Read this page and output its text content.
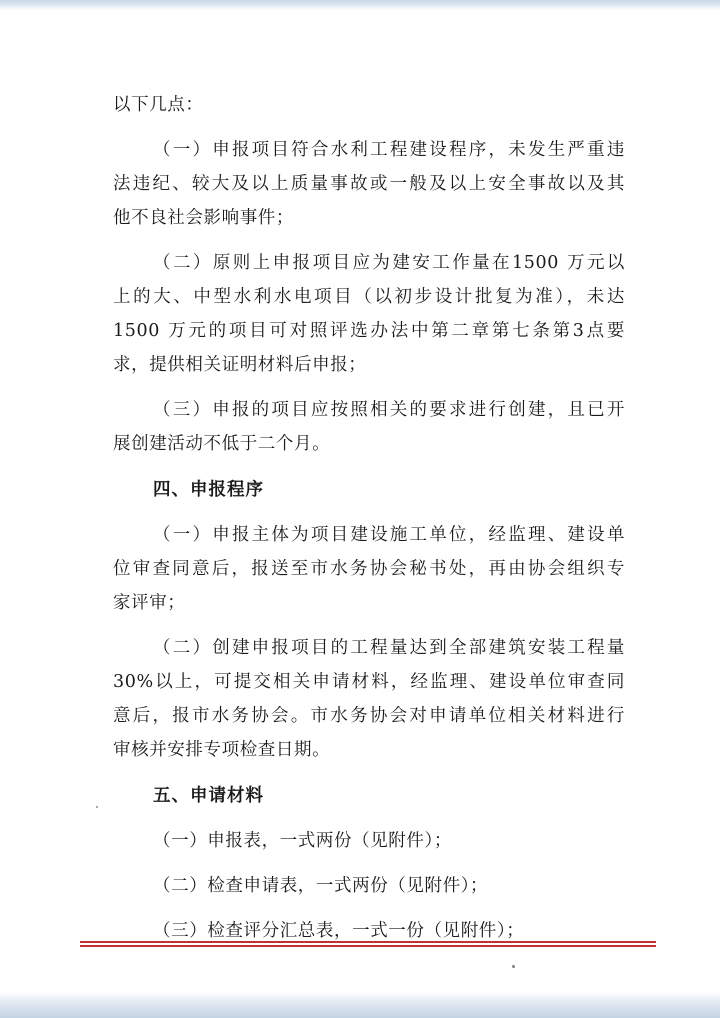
以下几点：
（一）申报项目符合水利工程建设程序，未发生严重违
法违纪、较大及以上质量事故或一般及以上安全事故以及其
他不良社会影响事件；
（二）原则上申报项目应为建安工作量在1500 万元以
上的大、中型水利水电项目（以初步设计批复为准），未达
1500 万元的项目可对照评选办法中第二章第七条第3点要
求，提供相关证明材料后申报；
（三）申报的项目应按照相关的要求进行创建，且已开
展创建活动不低于二个月。
四、申报程序
（一）申报主体为项目建设施工单位，经监理、建设单
位审查同意后，报送至市水务协会秘书处，再由协会组织专
家评审；
（二）创建申报项目的工程量达到全部建筑安装工程量
30%以上，可提交相关申请材料，经监理、建设单位审查同
意后，报市水务协会。市水务协会对申请单位相关材料进行
审核并安排专项检查日期。
五、申请材料
（一）申报表，一式两份（见附件）；
（二）检查申请表，一式两份（见附件）；
（三）检查评分汇总表，一式一份（见附件）；
